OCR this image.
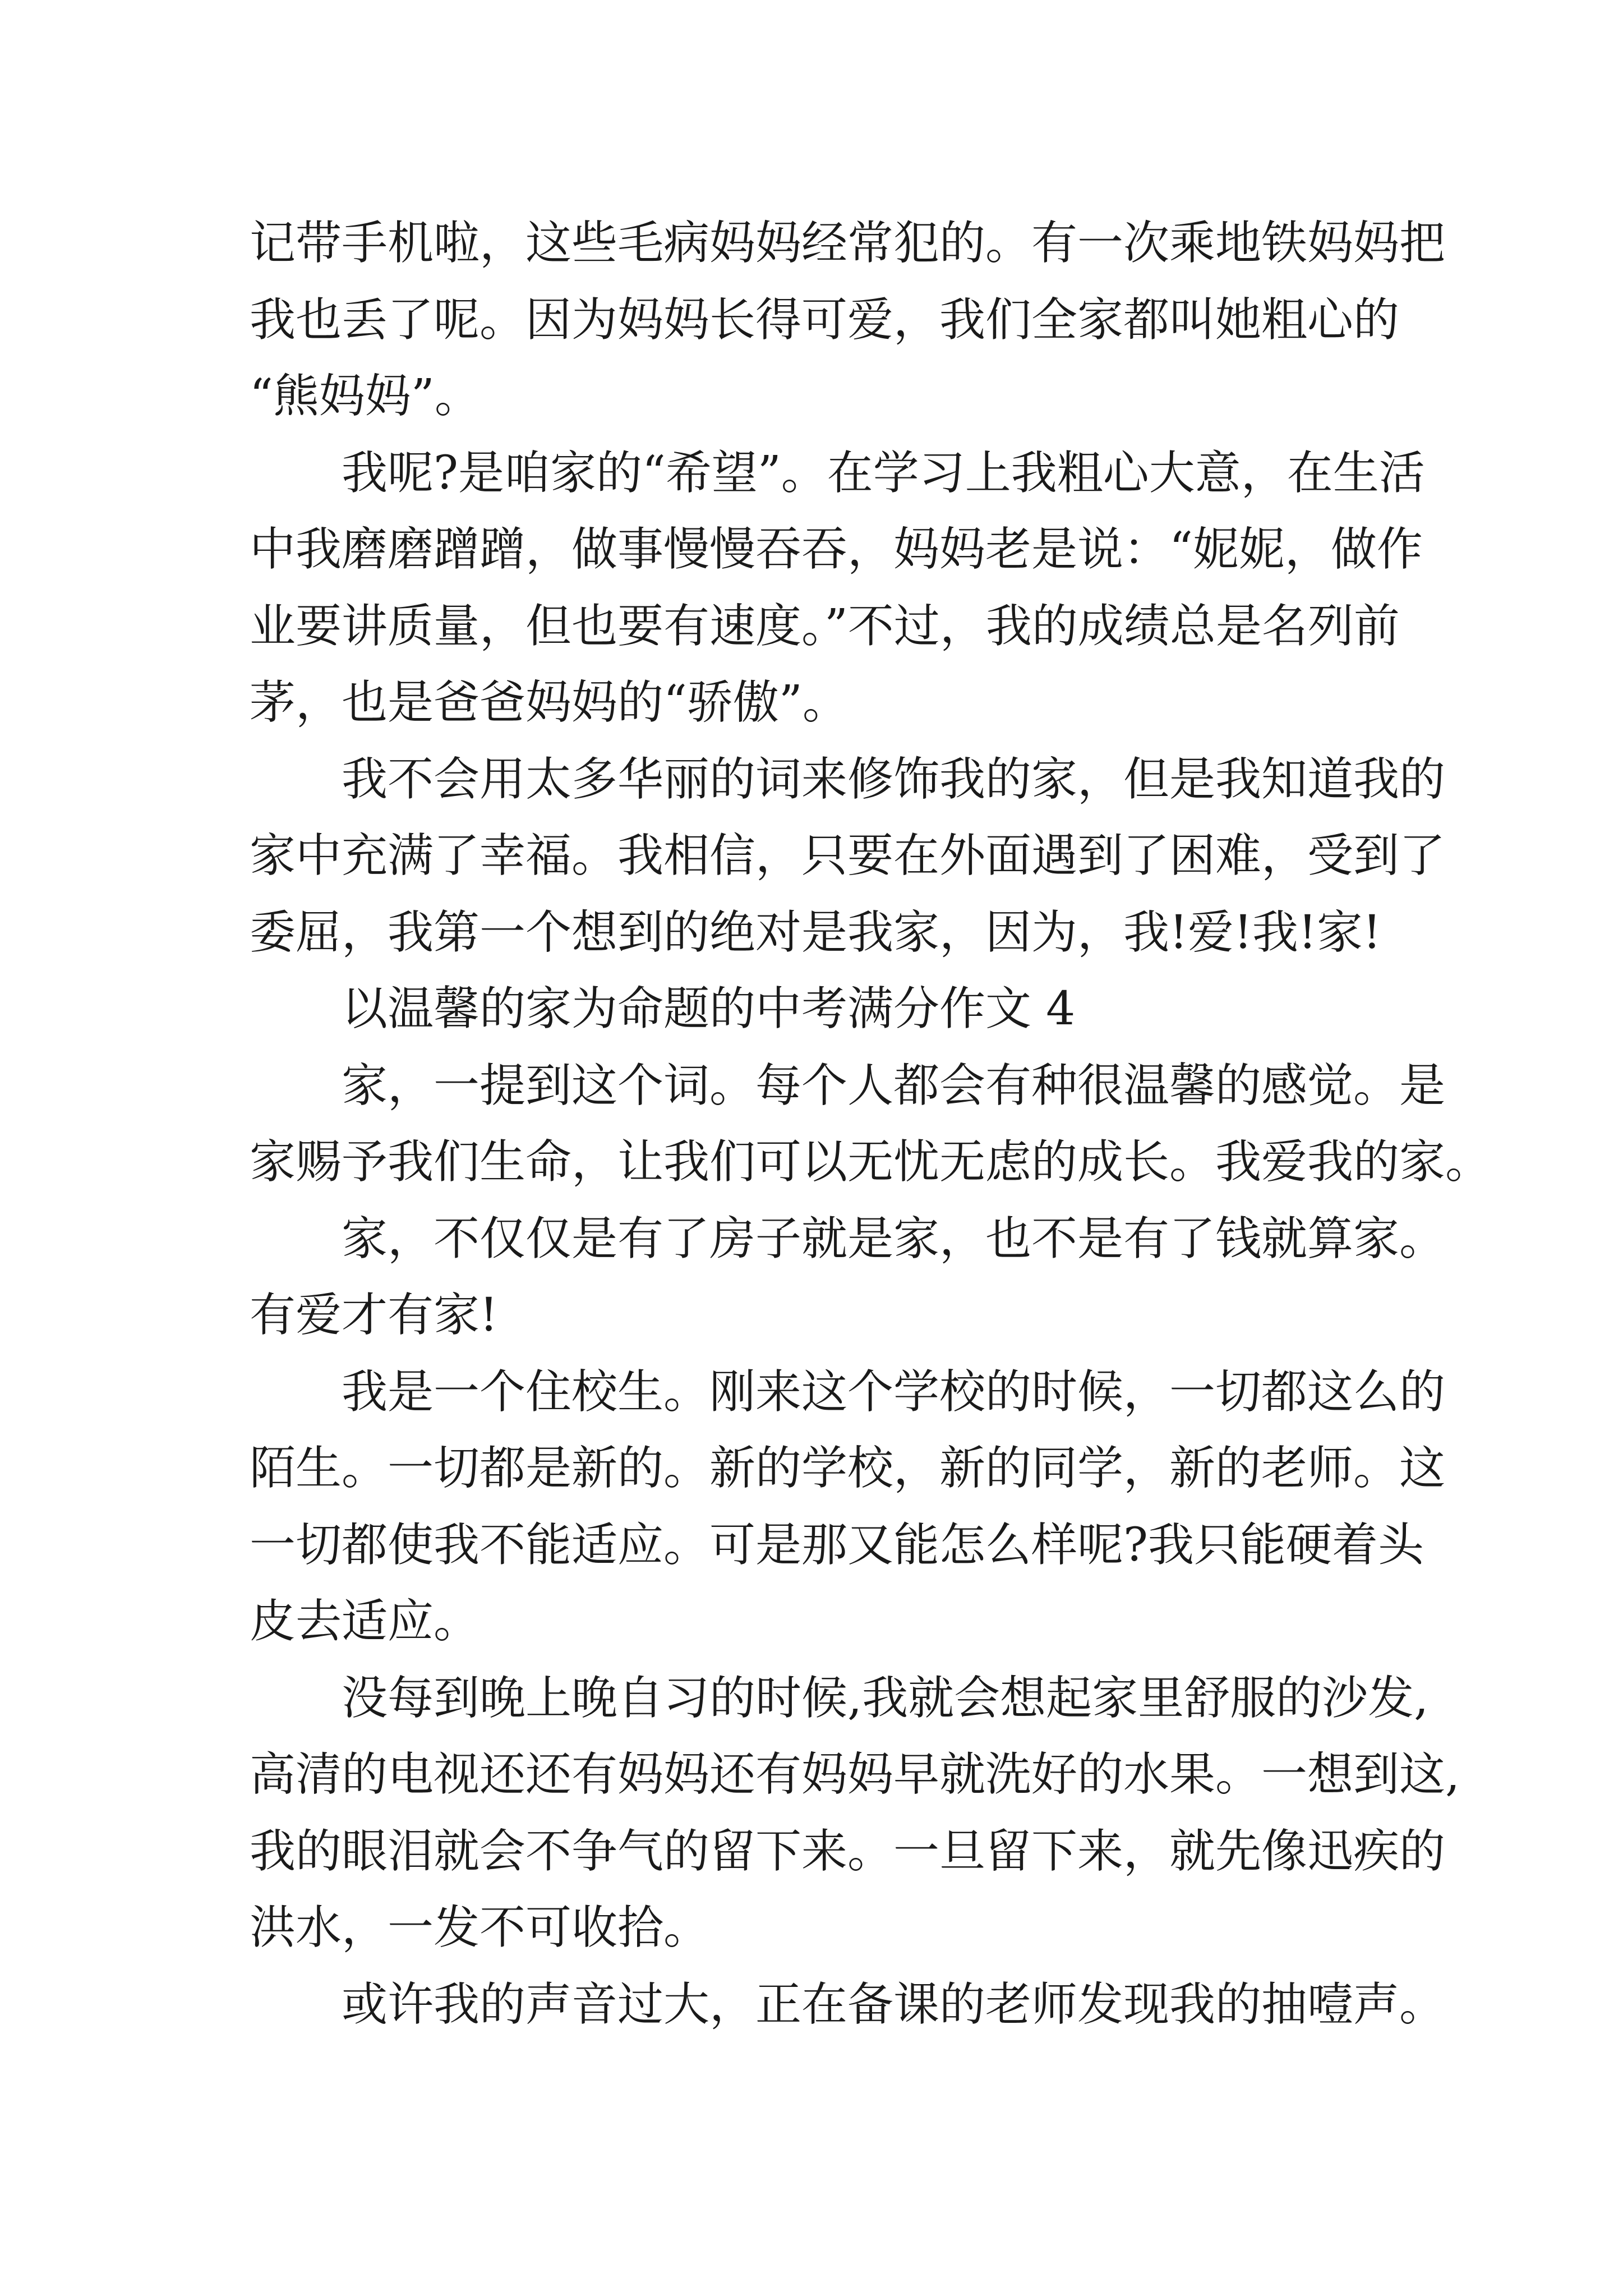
记带手机啦，这些毛病妈妈经常犯的。有一次乘地铁妈妈把
我也丢了呢。因为妈妈长得可爱，我们全家都叫她粗心的
“熊妈妈”。
我呢?是咱家的“希望”。在学习上我粗心大意，在生活
中我磨磨蹭蹭，做事慢慢吞吞，妈妈老是说：“妮妮，做作
业要讲质量，但也要有速度。”不过，我的成绩总是名列前
茅，也是爸爸妈妈的“骄傲”。
我不会用太多华丽的词来修饰我的家，但是我知道我的
家中充满了幸福。我相信，只要在外面遇到了困难，受到了
委屈，我第一个想到的绝对是我家，因为，我!爱!我!家!
以温馨的家为命题的中考满分作文 4
家，一提到这个词。每个人都会有种很温馨的感觉。是
家赐予我们生命，让我们可以无忧无虑的成长。我爱我的家。
家，不仅仅是有了房子就是家，也不是有了钱就算家。
有爱才有家!
我是一个住校生。刚来这个学校的时候，一切都这么的
陌生。一切都是新的。新的学校，新的同学，新的老师。这
一切都使我不能适应。可是那又能怎么样呢?我只能硬着头
皮去适应。
没每到晚上晚自习的时候,我就会想起家里舒服的沙发,
高清的电视还还有妈妈还有妈妈早就洗好的水果。一想到这,
我的眼泪就会不争气的留下来。一旦留下来，就先像迅疾的
洪水，一发不可收拾。
或许我的声音过大，正在备课的老师发现我的抽噎声。
